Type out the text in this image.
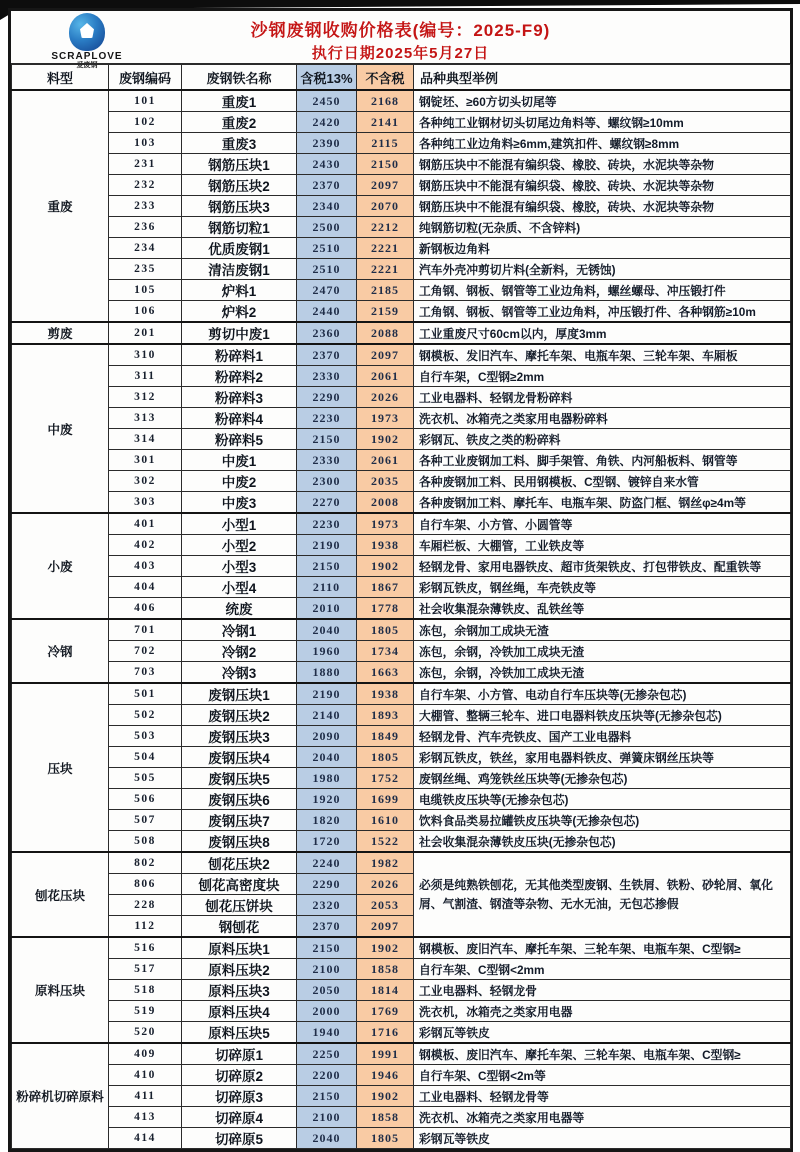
SCRAPLOVE
爱废钢
沙钢废钢收购价格表(编号：2025-F9)
执行日期2025年5月27日
料型	废钢编码	废钢铁名称	含税13%	不含税	品种典型举例
重废	101	重废1	2450	2168	钢锭坯、≥60方切头切尾等
	102	重废2	2420	2141	各种纯工业钢材切头切尾边角料等、螺纹钢≥10mm
	103	重废3	2390	2115	各种纯工业边角料≥6mm,建筑扣件、螺纹钢≥8mm
	231	钢筋压块1	2430	2150	钢筋压块中不能混有编织袋、橡胶、砖块，水泥块等杂物
	232	钢筋压块2	2370	2097	钢筋压块中不能混有编织袋、橡胶、砖块、水泥块等杂物
	233	钢筋压块3	2340	2070	钢筋压块中不能混有编织袋、橡胶，砖块、水泥块等杂物
	236	钢筋切粒1	2500	2212	纯钢筋切粒(无杂质、不含锌料)
	234	优质废钢1	2510	2221	新钢板边角料
	235	清洁废钢1	2510	2221	汽车外壳冲剪切片料(全新料，无锈蚀)
	105	炉料1	2470	2185	工角钢、钢板、钢管等工业边角料，螺丝螺母、冲压锻打件
	106	炉料2	2440	2159	工角钢、钢板、钢管等工业边角料，冲压锻打件、各种钢筋≥10m
剪废	201	剪切中废1	2360	2088	工业重废尺寸60cm以内，厚度3mm
中废	310	粉碎料1	2370	2097	钢模板、发旧汽车、摩托车架、电瓶车架、三轮车架、车厢板
	311	粉碎料2	2330	2061	自行车架，C型钢≥2mm
	312	粉碎料3	2290	2026	工业电器料、轻钢龙骨粉碎料
	313	粉碎料4	2230	1973	洗衣机、冰箱壳之类家用电器粉碎料
	314	粉碎料5	2150	1902	彩钢瓦、铁皮之类的粉碎料
	301	中废1	2330	2061	各种工业废钢加工料、脚手架管、角铁、内河船板料、钢管等
	302	中废2	2300	2035	各种废钢加工料、民用钢模板、C型钢、镀锌自来水管
	303	中废3	2270	2008	各种废钢加工料、摩托车、电瓶车架、防盗门框、钢丝φ≥4m等
小废	401	小型1	2230	1973	自行车架、小方管、小圆管等
	402	小型2	2190	1938	车厢栏板、大棚管，工业铁皮等
	403	小型3	2150	1902	轻钢龙骨、家用电器铁皮、超市货架铁皮、打包带铁皮、配重铁等
	404	小型4	2110	1867	彩钢瓦铁皮，钢丝绳，车壳铁皮等
	406	统废	2010	1778	社会收集混杂薄铁皮、乱铁丝等
冷钢	701	冷钢1	2040	1805	冻包，余钢加工成块无渣
	702	冷钢2	1960	1734	冻包，余钢，冷铁加工成块无渣
	703	冷钢3	1880	1663	冻包，余钢，冷铁加工成块无渣
压块	501	废钢压块1	2190	1938	自行车架、小方管、电动自行车压块等(无掺杂包芯)
	502	废钢压块2	2140	1893	大棚管、整辆三轮车、进口电器料铁皮压块等(无掺杂包芯)
	503	废钢压块3	2090	1849	轻钢龙骨、汽车壳铁皮、国产工业电器料
	504	废钢压块4	2040	1805	彩钢瓦铁皮，铁丝，家用电器料铁皮、弹簧床钢丝压块等
	505	废钢压块5	1980	1752	废钢丝绳、鸡笼铁丝压块等(无掺杂包芯)
	506	废钢压块6	1920	1699	电缆铁皮压块等(无掺杂包芯)
	507	废钢压块7	1820	1610	饮料食品类易拉罐铁皮压块等(无掺杂包芯)
	508	废钢压块8	1720	1522	社会收集混杂薄铁皮压块(无掺杂包芯)
刨花压块	802	刨花压块2	2240	1982	必须是纯熟铁刨花，无其他类型废钢、生铁屑、铁粉、砂轮屑、氧化屑、气割渣、钢渣等杂物、无水无油，无包芯掺假
	806	刨花高密度块	2290	2026	
	228	刨花压饼块	2320	2053	
	112	钢刨花	2370	2097	
原料压块	516	原料压块1	2150	1902	钢模板、废旧汽车、摩托车架、三轮车架、电瓶车架、C型钢≥
	517	原料压块2	2100	1858	自行车架、C型钢<2mm
	518	原料压块3	2050	1814	工业电器料、轻钢龙骨
	519	原料压块4	2000	1769	洗衣机，冰箱壳之类家用电器
	520	原料压块5	1940	1716	彩钢瓦等铁皮
粉碎机切碎原料	409	切碎原1	2250	1991	钢模板、废旧汽车、摩托车架、三轮车架、电瓶车架、C型钢≥
	410	切碎原2	2200	1946	自行车架、C型钢<2m等
	411	切碎原3	2150	1902	工业电器料、轻钢龙骨等
	413	切碎原4	2100	1858	洗衣机、冰箱壳之类家用电器等
	414	切碎原5	2040	1805	彩钢瓦等铁皮
